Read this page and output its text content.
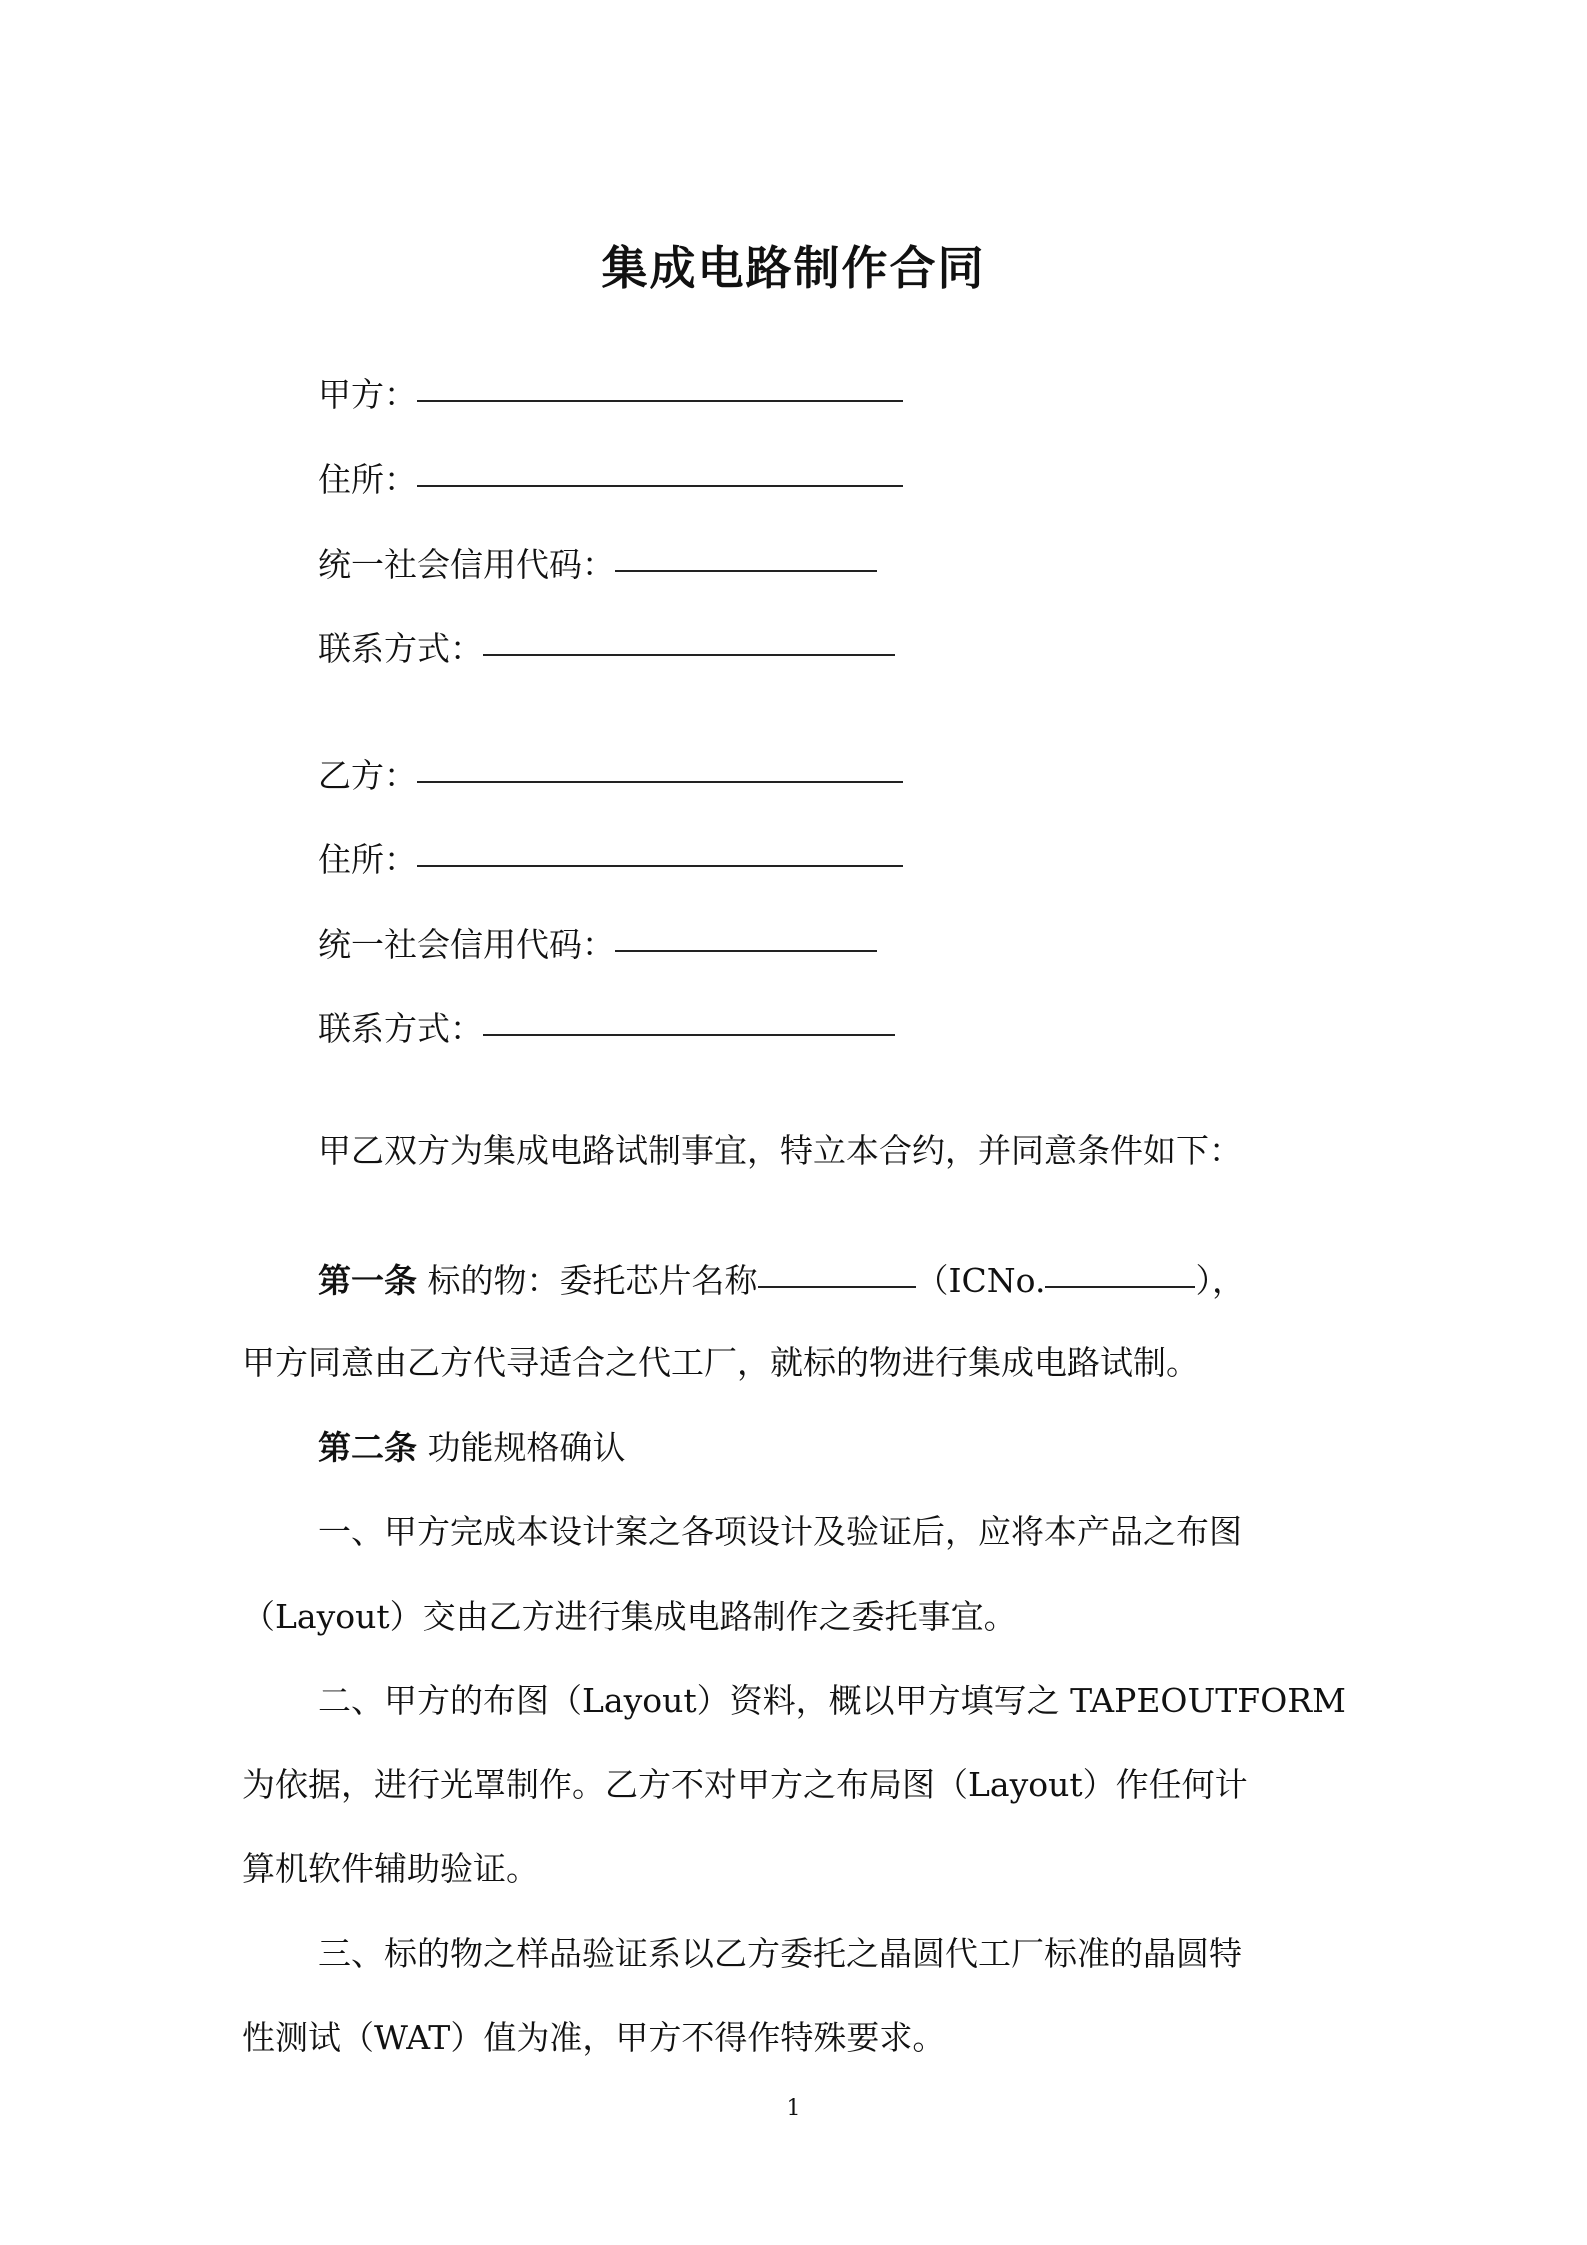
集成电路制作合同
甲方：
住所：
统一社会信用代码：
联系方式：
乙方：
住所：
统一社会信用代码：
联系方式：
甲乙双方为集成电路试制事宜，特立本合约，并同意条件如下：
第一条 标的物：委托芯片名称	（ICNo.	），
甲方同意由乙方代寻适合之代工厂，就标的物进行集成电路试制。
第二条 功能规格确认
一、甲方完成本设计案之各项设计及验证后，应将本产品之布图
（Layout）交由乙方进行集成电路制作之委托事宜。
二、甲方的布图（Layout）资料，概以甲方填写之 TAPEOUTFORM
为依据，进行光罩制作。乙方不对甲方之布局图（Layout）作任何计
算机软件辅助验证。
三、标的物之样品验证系以乙方委托之晶圆代工厂标准的晶圆特
性测试（WAT）值为准，甲方不得作特殊要求。
1
